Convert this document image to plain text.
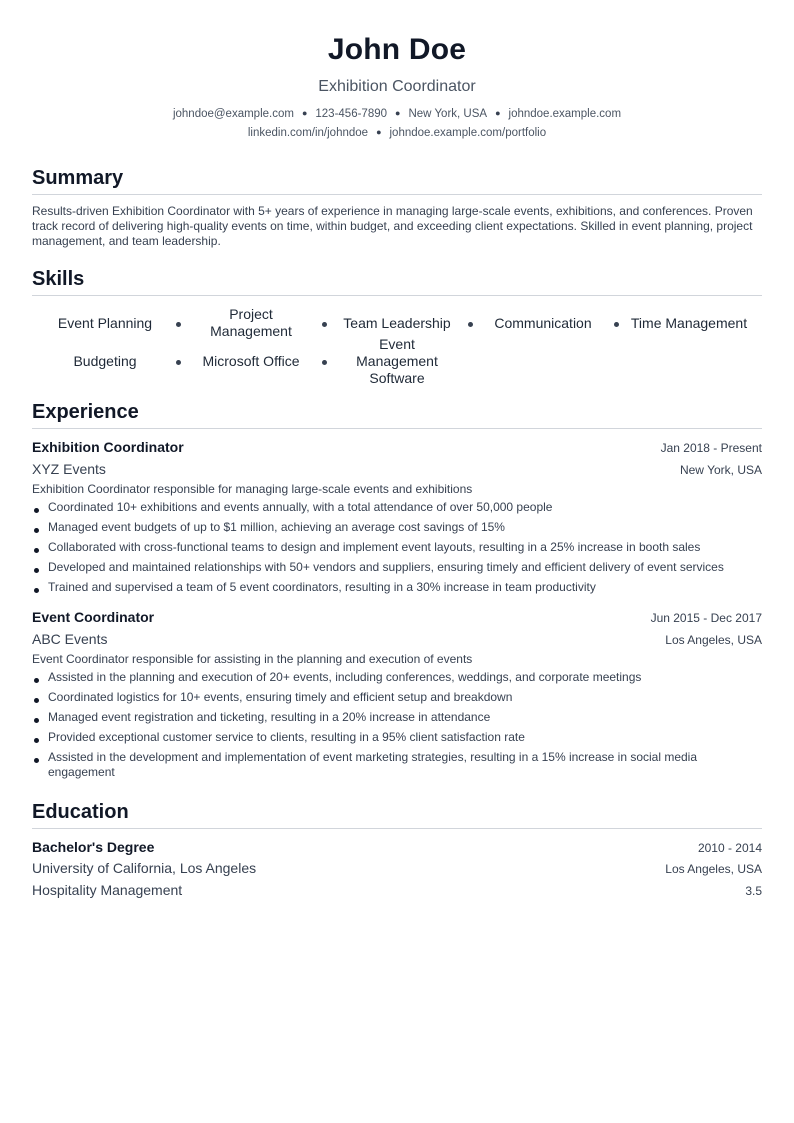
John Doe
Exhibition Coordinator
johndoe@example.com ● 123-456-7890 ● New York, USA ● johndoe.example.com
linkedin.com/in/johndoe ● johndoe.example.com/portfolio
Summary
Results-driven Exhibition Coordinator with 5+ years of experience in managing large-scale events, exhibitions, and conferences. Proven track record of delivering high-quality events on time, within budget, and exceeding client expectations. Skilled in event planning, project management, and team leadership.
Skills
Event Planning
Project Management
Team Leadership	Communication	Time Management
Budgeting	Microsoft Office
Event Management Software
Experience
Exhibition Coordinator	Jan 2018 - Present
XYZ Events	New York, USA
Exhibition Coordinator responsible for managing large-scale events and exhibitions
Coordinated 10+ exhibitions and events annually, with a total attendance of over 50,000 people
Managed event budgets of up to $1 million, achieving an average cost savings of 15%
Collaborated with cross-functional teams to design and implement event layouts, resulting in a 25% increase in booth sales
Developed and maintained relationships with 50+ vendors and suppliers, ensuring timely and efficient delivery of event services
Trained and supervised a team of 5 event coordinators, resulting in a 30% increase in team productivity
Event Coordinator	Jun 2015 - Dec 2017
ABC Events	Los Angeles, USA
Event Coordinator responsible for assisting in the planning and execution of events
Assisted in the planning and execution of 20+ events, including conferences, weddings, and corporate meetings
Coordinated logistics for 10+ events, ensuring timely and efficient setup and breakdown
Managed event registration and ticketing, resulting in a 20% increase in attendance
Provided exceptional customer service to clients, resulting in a 95% client satisfaction rate
Assisted in the development and implementation of event marketing strategies, resulting in a 15% increase in social media engagement
Education
Bachelor's Degree	2010 - 2014
University of California, Los Angeles	Los Angeles, USA
Hospitality Management	3.5
